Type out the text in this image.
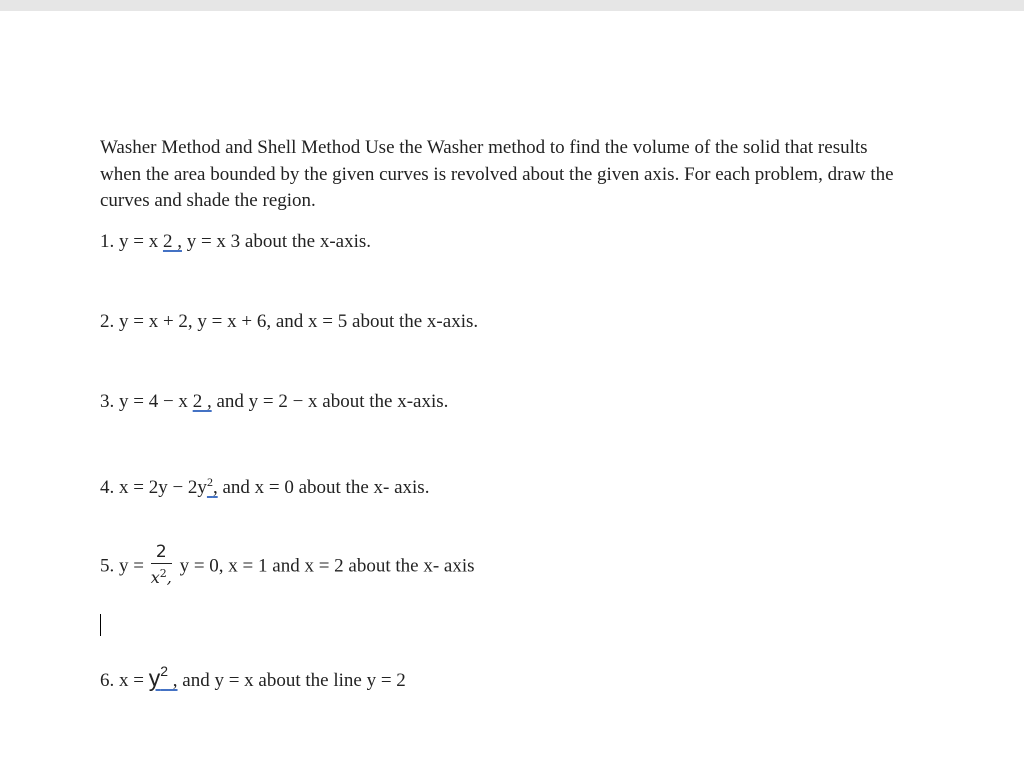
Washer Method and Shell Method Use the Washer method to find the volume of the solid that results when the area bounded by the given curves is revolved about the given axis. For each problem, draw the curves and shade the region.

1. y = x 2 , y = x 3 about the x-axis.
2. y = x + 2, y = x + 6, and x = 5 about the x-axis.
3. y = 4 − x 2 , and y = 2 − x about the x-axis.
4. $x = 2y - 2y^2$, and x = 0 about the x- axis.
5. $y = \frac{2}{x^2,}$ y = 0, x = 1 and x = 2 about the x- axis
6. $x = y^2$ , and y = x about the line y = 2
